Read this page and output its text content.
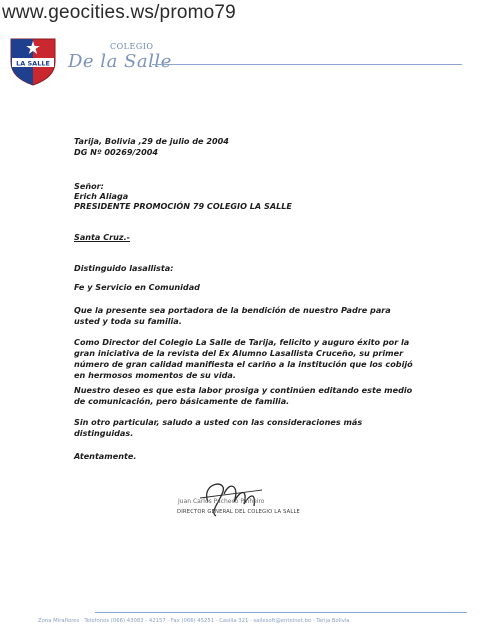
www.geocities.ws/promo79
LA SALLE
COLEGIO
De la Salle
Tarija, Bolivia ,29 de julio de 2004
DG Nº 00269/2004
Señor:
Erich Aliaga
PRESIDENTE PROMOCIÓN 79 COLEGIO LA SALLE
Santa Cruz.-
Distinguido lasallista:
Fe y Servicio en Comunidad
Que la presente sea portadora de la bendición de nuestro Padre para usted y toda su familia.
Como Director del Colegio La Salle de Tarija, felicito y auguro éxito por la gran iniciativa de la revista del Ex Alumno Lasallista Cruceño, su primer número de gran calidad manifiesta el cariño a la institución que los cobijó en hermosos momentos de su vida.
Nuestro deseo es que esta labor prosiga y continúen editando este medio de comunicación, pero básicamente de familia.
Sin otro particular, saludo a usted con las consideraciones más distinguidas.
Atentamente.
Juan Carlos Pacheco Pinheiro
DIRECTOR GENERAL DEL COLEGIO LA SALLE
Zona Miraflores · Telefonos (066) 43083 - 42157 · Fax (066) 45251 · Casilla 321 · sallesoft@entelnet.bo · Tarija Bolivia
